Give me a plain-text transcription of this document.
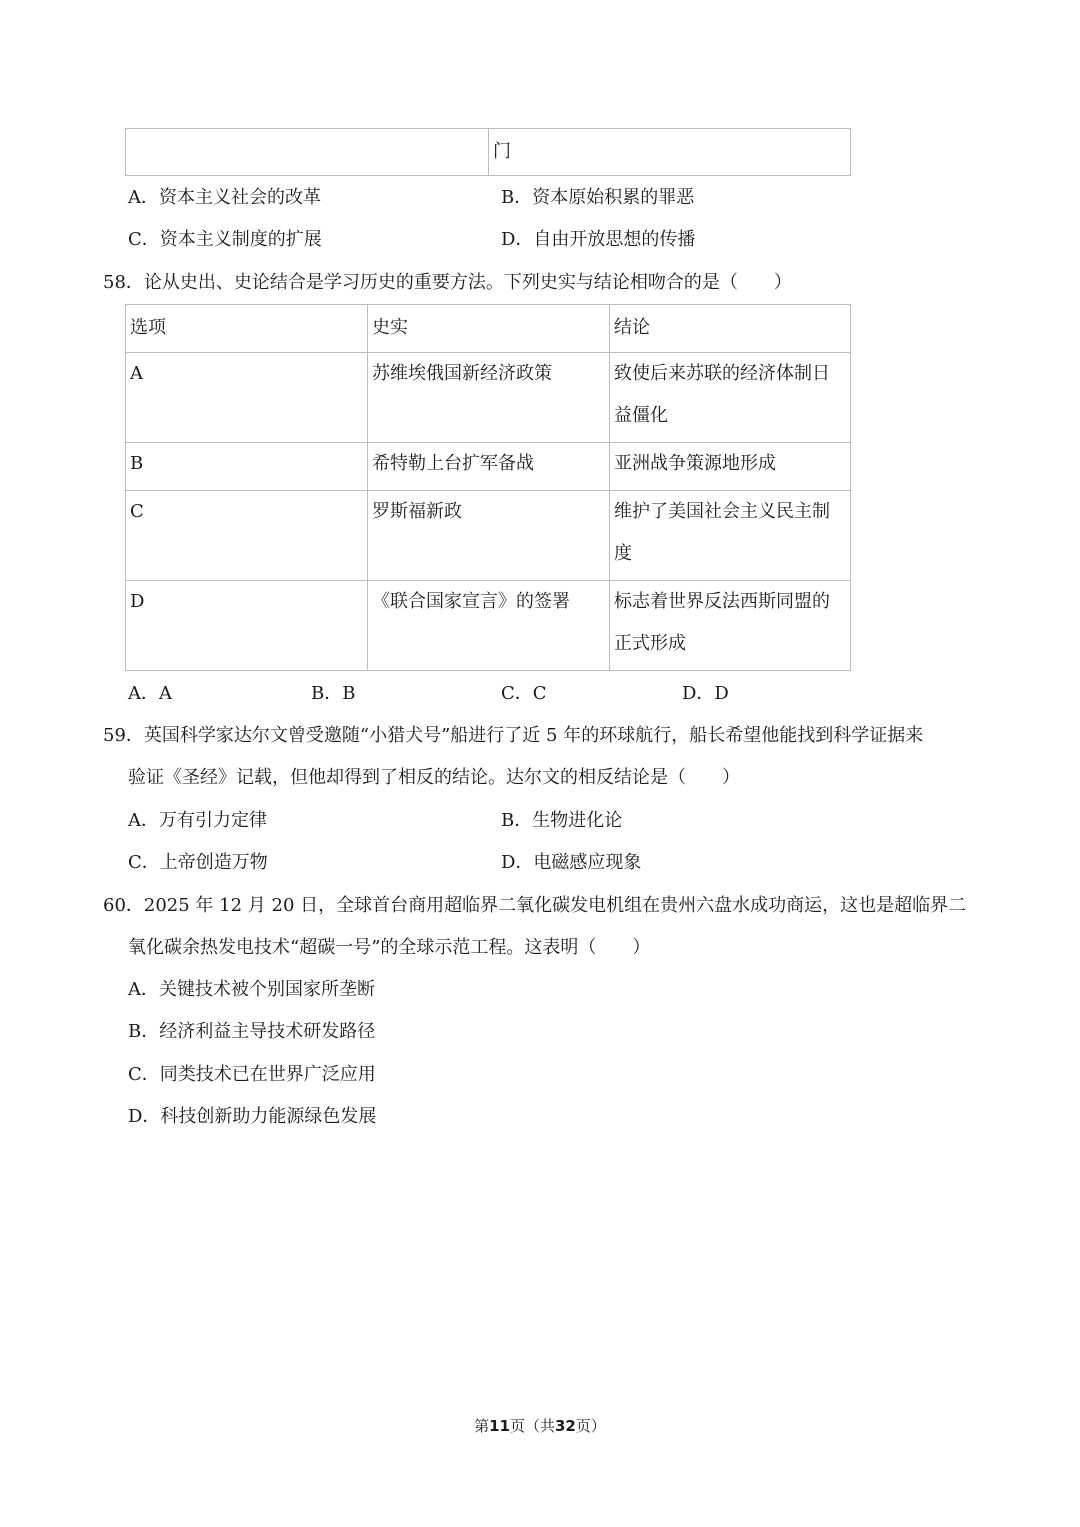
	门
A．资本主义社会的改革	B．资本原始积累的罪恶
C．资本主义制度的扩展	D．自由开放思想的传播
58．论从史出、史论结合是学习历史的重要方法。下列史实与结论相吻合的是（　　）
选项	史实	结论
A	苏维埃俄国新经济政策	致使后来苏联的经济体制日益僵化
B	希特勒上台扩军备战	亚洲战争策源地形成
C	罗斯福新政	维护了美国社会主义民主制度
D	《联合国家宣言》的签署	标志着世界反法西斯同盟的正式形成
A．A	B．B	C．C	D．D
59．英国科学家达尔文曾受邀随“小猎犬号”船进行了近 5 年的环球航行，船长希望他能找到科学证据来
验证《圣经》记载，但他却得到了相反的结论。达尔文的相反结论是（　　）
A．万有引力定律	B．生物进化论
C．上帝创造万物	D．电磁感应现象
60．2025 年 12 月 20 日，全球首台商用超临界二氧化碳发电机组在贵州六盘水成功商运，这也是超临界二
氧化碳余热发电技术“超碳一号”的全球示范工程。这表明（　　）
A．关键技术被个别国家所垄断
B．经济利益主导技术研发路径
C．同类技术已在世界广泛应用
D．科技创新助力能源绿色发展
第11页（共32页）
